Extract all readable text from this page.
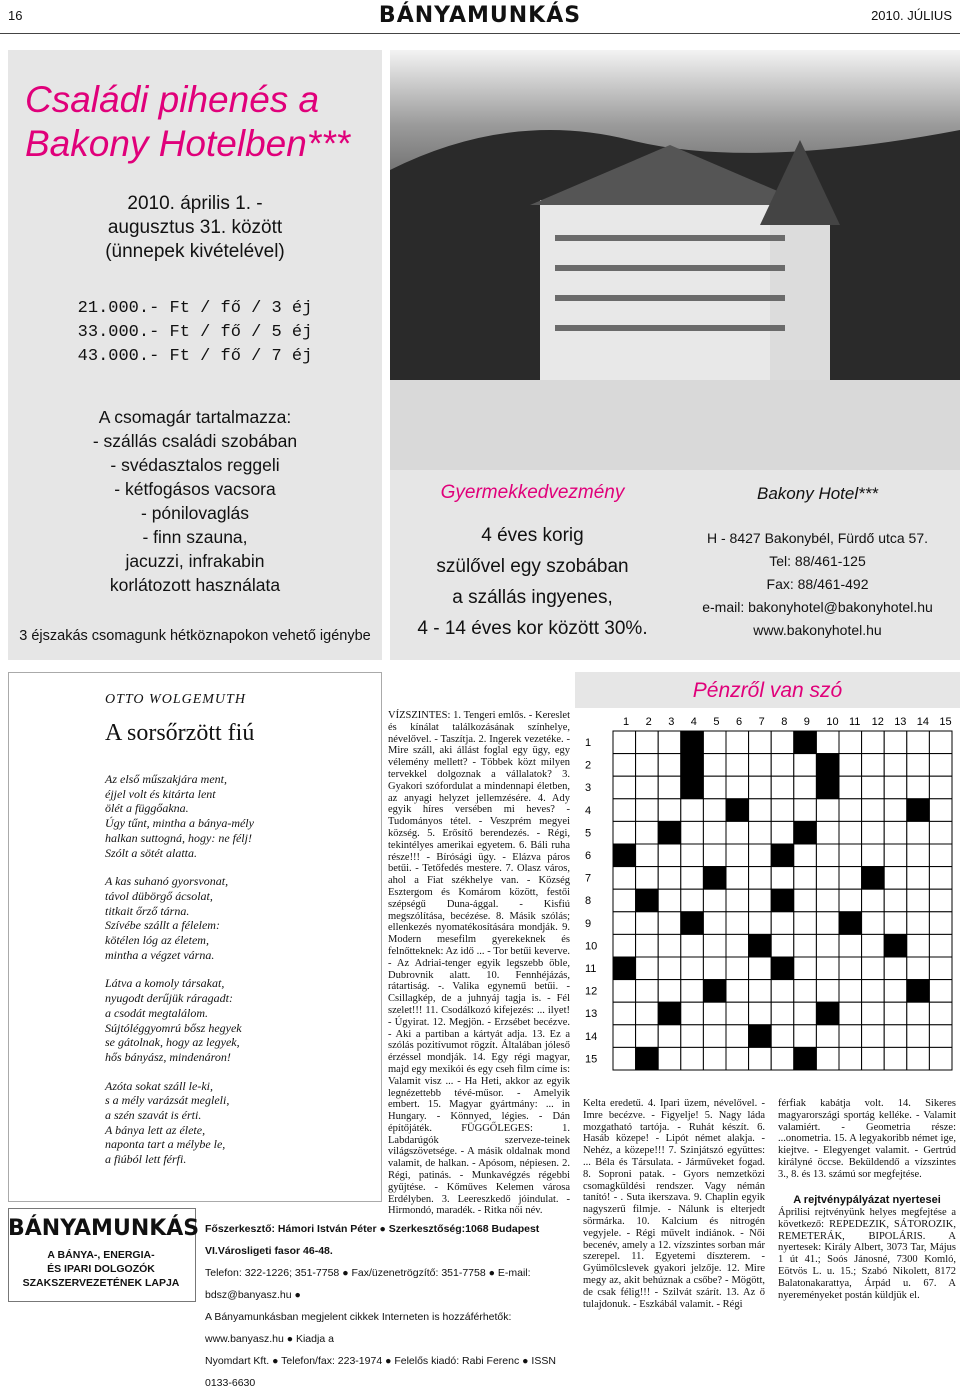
16	BÁNYAMUNKÁS	2010. JÚLIUS
Családi pihenés a
Bakony Hotelben***
2010. április 1. -
augusztus 31. között
(ünnepek kivételével)
21.000.- Ft / fő / 3 éj
33.000.- Ft / fő / 5 éj
43.000.- Ft / fő / 7 éj
A csomagár tartalmazza:
- szállás családi szobában
- svédasztalos reggeli
- kétfogásos vacsora
- pónilovaglás
- finn szauna,
jacuzzi, infrakabin
korlátozott használata
3 éjszakás csomagunk hétköznapokon vehető igénybe
Gyermekkedvezmény
4 éves korig
szülővel egy szobában
a szállás ingyenes,
4 - 14 éves kor között 30%.
Bakony Hotel***
H - 8427 Bakonybél, Fürdő utca 57.
Tel: 88/461-125
Fax: 88/461-492
e-mail: bakonyhotel@bakonyhotel.hu
www.bakonyhotel.hu
OTTO WOLGEMUTH
A sorsőrzött fiú
Az első műszakjára ment,
éjjel volt és kitárta lent
ölét a függőakna.
Úgy tűnt, mintha a bánya-mély
halkan suttogná, hogy: ne félj!
Szólt a sötét alatta.
A kas suhanó gyorsvonat,
távol dübörgő ácsolat,
titkait őrző tárna.
Szívébe szállt a félelem:
kötélen lóg az életem,
mintha a végzet várna.
Látva a komoly társakat,
nyugodt derűjük ráragadt:
a csodát megtalálom.
Sújtóléggyomrú bősz hegyek
se gátolnak, hogy az legyek,
hős bányász, mindenáron!
Azóta sokat száll le-ki,
s a mély varázsát megleli,
a szén szavát is érti.
A bánya lett az élete,
naponta tart a mélybe le,
a fiúból lett férfi.
Pénzről van szó
VÍZSZINTES: 1. Tengeri emlős. - Kereslet és kínálat találkozásának színhelye, névelővel. - Taszítja. 2. Ingerek vezetéke. - Mire száll, aki állást foglal egy ügy, egy vélemény mellett? - Többek közt milyen tervekkel dolgoznak a vállalatok? 3. Gyakori szófordulat a mindennapi életben, az anyagi helyzet jellemzésére. 4. Ady egyik híres versében mi heves? - Tudományos tétel. - Veszprém megyei község. 5. Erősítő berendezés. - Régi, tekintélyes amerikai egyetem. 6. Báli ruha része!!! - Bírósági ügy. - Elázva páros betűi. - Tetőfedés mestere. 7. Olasz város, ahol a Fiat székhelye van. - Község Esztergom és Komárom között, festői szépségű Duna-ággal. - Kisfiú megszólítása, becézése. 8. Másik szólás; ellenkezés nyomatékosítására mondják. 9. Modern mesefilm gyerekeknek és felnőtteknek: Az idő ... - Tor betűi keverve. - Az Adriai-tenger egyik legszebb öble, Dubrovnik alatt. 10. Fennhéjázás, rátartiság. -. Valika egynemű betűi. - Csillagkép, de a juhnyáj tagja is. - Fél szelet!!! 11. Csodálkozó kifejezés: ... ilyet! - Úgyirat. 12. Megjön. - Erzsébet becézve. - Aki a partiban a kártyát adja. 13. Ez a szólás pozitívumot rögzít. Általában jóleső érzéssel mondják. 14. Egy régi magyar, majd egy mexikói és egy cseh film címe is: Valamit visz ... - Ha Heti, akkor az egyik legnézettebb tévé-műsor. - Amelyik embert. 15. Magyar gyártmány: ... in Hungary. - Könnyed, légies. - Dán építőjáték. FÜGGŐLEGES: 1. Labdarúgók szerveze-teinek világszövetsége. - A másik oldalnak mond valamit, de halkan. - Apósom, népiesen. 2. Régi, patinás. - Munkavégzés régebbi gyűjtése. - Kőműves Kelemen városa Erdélyben. 3. Leereszkedő jóindulat. - Hirmondó, maradék. - Ritka női név.
1 2 3 4 5 6 7 8 9 10 11 12 13 14 15
1
2
3
4
5
6
7
8
9
10
11
12
13
14
15
Kelta eredetű. 4. Ipari üzem, névelővel. - Imre becézve. - Figyelje! 5. Nagy láda mozgatható tartója. - Ruhát készít. 6. Hasáb közepe! - Lipót német alakja. - Nehéz, a közepe!!! 7. Szinjátszó együttes: ... Béla és Társulata. - Járműveket fogad. 8. Soproni patak. - Gyors nemzetközi csomagküldési rendszer. Vagy némán tanító! - . Suta ikerszava. 9. Chaplin egyik nagyszerű filmje. - Nálunk is elterjedt sörmárka. 10. Kalcium és nitrogén vegyjele. - Régi művelt indiánok. - Női becenév, amely a 12. vízszintes sorban már szerepel. 11. Egyetemi díszterem. - Gyümölcslevek gyakori jelzője. 12. Mire megy az, akit behúznak a csőbe? - Mögött, de csak félig!!! - Szilvát szárít. 13. Az ő tulajdonuk. - Eszkábál valamit. - Régi
férfiak kabátja volt. 14. Sikeres magyarországi sportág kelléke. - Valamit valamiért. - Geometria része: ...onometria. 15. A legyakoribb német ige, kiejtve. - Elegyenget valamit. - Gertrúd királyné öccse. Beküldendő a vízszintes 3., 8. és 13. számú sor megfejtése.
A rejtvénypályázat nyertesei
Áprilisi rejtvényünk helyes megfejtése a következő: REPEDEZIK, SÁTOROZIK, REMETERÁK, BIPOLÁRIS. A nyertesek: Király Albert, 3073 Tar, Május 1 út 41.; Soós Jánosné, 7300 Komló, Eötvös L. u. 15.; Szabó Nikolett, 8172 Balatonakarattya, Árpád u. 67. A nyereményeket postán küldjük el.
BÁNYAMUNKÁS
A BÁNYA-, ENERGIA-
ÉS IPARI DOLGOZÓK
SZAKSZERVEZETÉNEK LAPJA
Főszerkesztő: Hámori István Péter ● Szerkesztőség:1068 Budapest VI.Városligeti fasor 46-48.
Telefon: 322-1226; 351-7758 ● Fax/üzenetrögzítő: 351-7758 ● E-mail: bdsz@banyasz.hu ●
A Bányamunkásban megjelent cikkek Interneten is hozzáférhetők: www.banyasz.hu ● Kiadja a
Nyomdart Kft. ● Telefon/fax: 223-1974 ● Felelős kiadó: Rabi Ferenc ● ISSN 0133-6630
